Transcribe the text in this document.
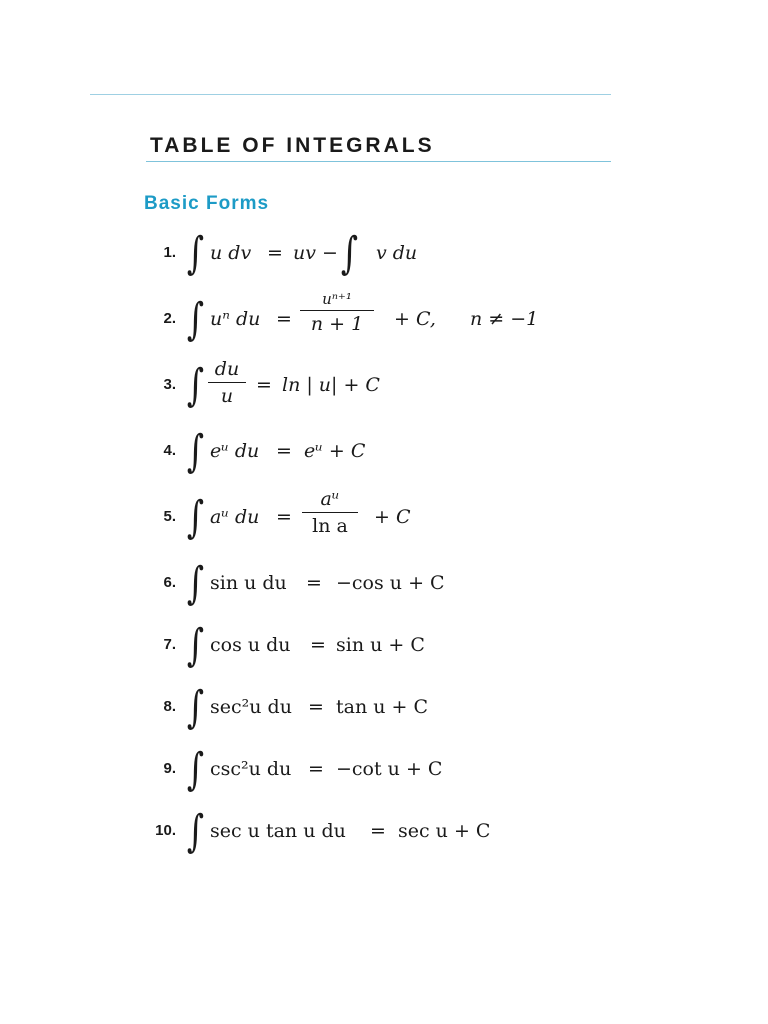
TABLE OF INTEGRALS
Basic Forms
1. ∫ u dv = uv − ∫ v du
2. ∫ uⁿ du =
uⁿ⁺¹
n + 1	+ C, n ≠ −1
3. ∫ du
u
= ln | u| + C
4. ∫ eᵘ du = eᵘ + C
5. ∫ aᵘ du =
aᵘ
ln a	+ C
6. ∫ sin u du = −cos u + C
7. ∫ cos u du = sin u + C
8. ∫ sec²u du = tan u + C
9. ∫ csc²u du = −cot u + C
10. ∫ sec u tan u du = sec u + C
